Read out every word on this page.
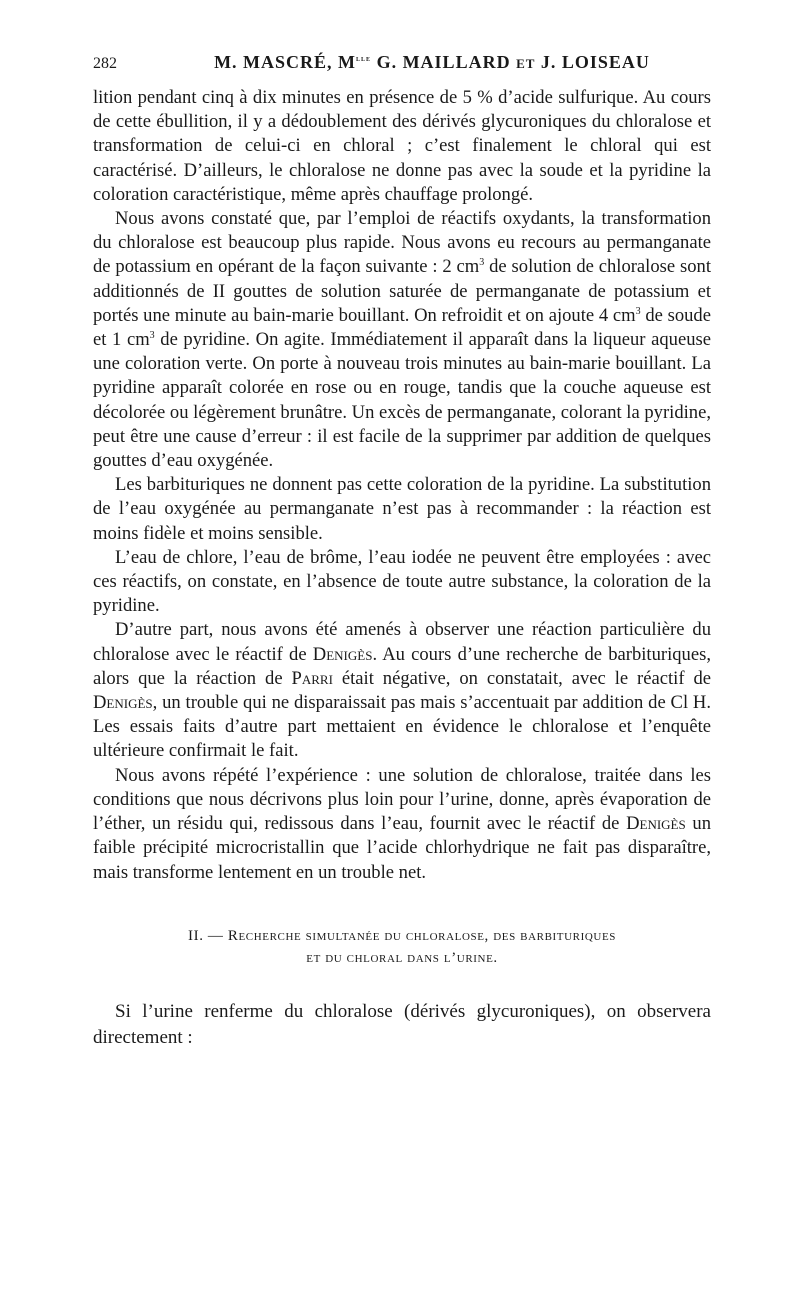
282	M. MASCRÉ, $M^{lle}$ G. MAILLARD et J. LOISEAU

lition pendant cinq à dix minutes en présence de 5 % d’acide sulfurique. Au cours de cette ébullition, il y a dédoublement des dérivés glycuroniques du chloralose et transformation de celui-ci en chloral ; c’est finalement le chloral qui est caractérisé. D’ailleurs, le chloralose ne donne pas avec la soude et la pyridine la coloration caractéristique, même après chauffage prolongé.

Nous avons constaté que, par l’emploi de réactifs oxydants, la transformation du chloralose est beaucoup plus rapide. Nous avons eu recours au permanganate de potassium en opérant de la façon suivante : 2 $cm^3$ de solution de chloralose sont additionnés de II gouttes de solution saturée de permanganate de potassium et portés une minute au bain-marie bouillant. On refroidit et on ajoute 4 $cm^3$ de soude et 1 $cm^3$ de pyridine. On agite. Immédiatement il apparaît dans la liqueur aqueuse une coloration verte. On porte à nouveau trois minutes au bain-marie bouillant. La pyridine apparaît colorée en rose ou en rouge, tandis que la couche aqueuse est décolorée ou légèrement brunâtre. Un excès de permanganate, colorant la pyridine, peut être une cause d’erreur : il est facile de la supprimer par addition de quelques gouttes d’eau oxygénée.

Les barbituriques ne donnent pas cette coloration de la pyridine. La substitution de l’eau oxygénée au permanganate n’est pas à recommander : la réaction est moins fidèle et moins sensible.

L’eau de chlore, l’eau de brôme, l’eau iodée ne peuvent être employées : avec ces réactifs, on constate, en l’absence de toute autre substance, la coloration de la pyridine.

D’autre part, nous avons été amenés à observer une réaction particulière du chloralose avec le réactif de Denigès. Au cours d’une recherche de barbituriques, alors que la réaction de Parri était négative, on constatait, avec le réactif de Denigès, un trouble qui ne disparaissait pas mais s’accentuait par addition de Cl H. Les essais faits d’autre part mettaient en évidence le chloralose et l’enquête ultérieure confirmait le fait.

Nous avons répété l’expérience : une solution de chloralose, traitée dans les conditions que nous décrivons plus loin pour l’urine, donne, après évaporation de l’éther, un résidu qui, redissous dans l’eau, fournit avec le réactif de Denigès un faible précipité microcristallin que l’acide chlorhydrique ne fait pas disparaître, mais transforme lentement en un trouble net.

II. — Recherche simultanée du chloralose, des barbituriques
et du chloral dans l’urine.

Si l’urine renferme du chloralose (dérivés glycuroniques), on observera directement :
